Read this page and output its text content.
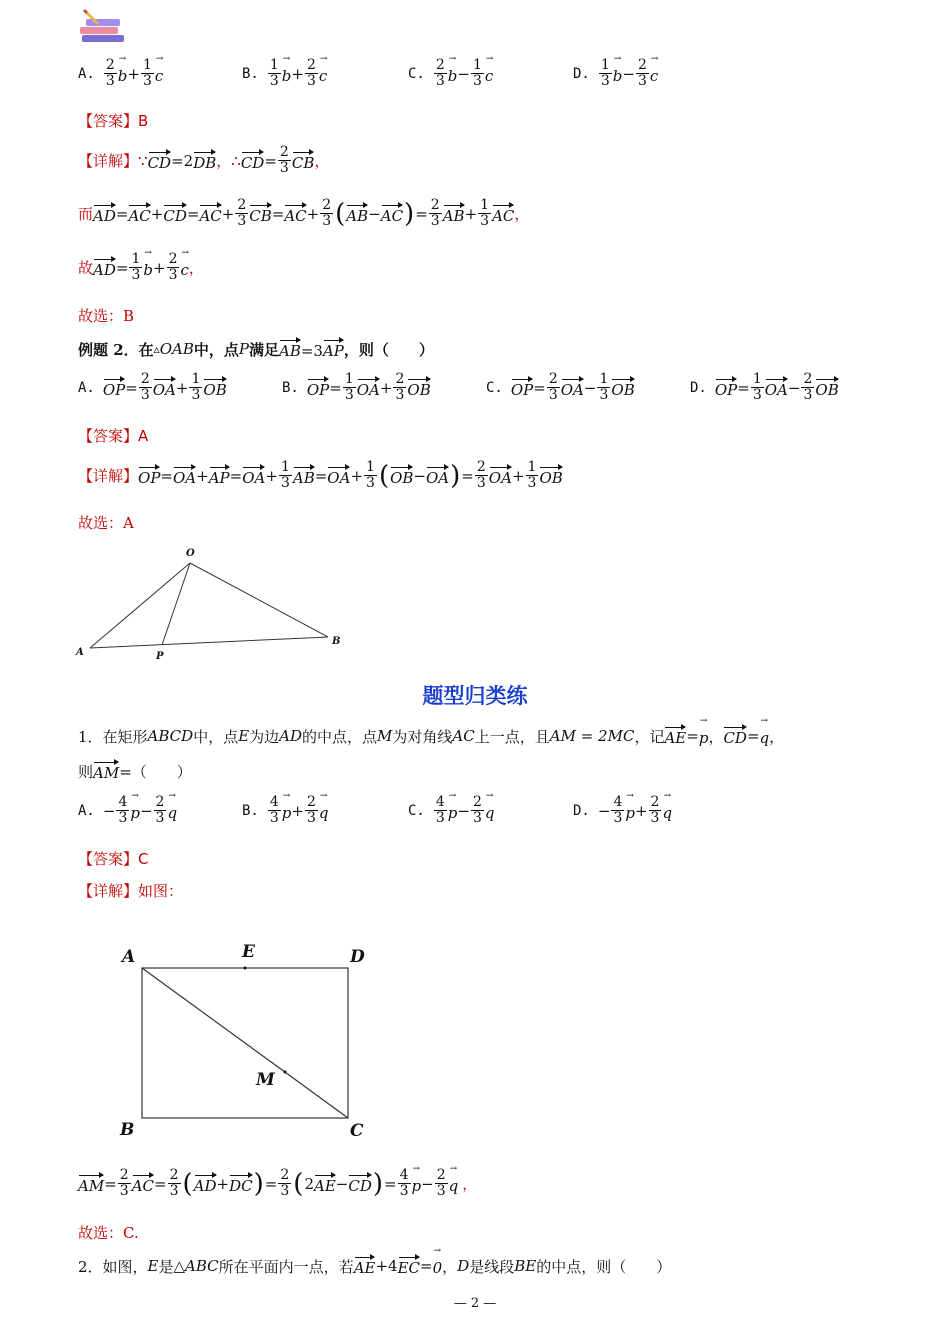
A. $\frac{2}{3}$ b → + $\frac{1}{3}$ c →	B. $\frac{1}{3}$ b → + $\frac{2}{3}$ c →	C. $\frac{2}{3}$ b → − $\frac{1}{3}$ c →	D. $\frac{1}{3}$ b → − $\frac{2}{3}$ c →
【答案】 B
【详解】 ∵ CD =2 DB ， ∴ CD = $\frac{2}{3}$ CB ，
而 AD = AC + CD = AC + $\frac{2}{3}$ CB = AC + $\frac{2}{3}$ ( AB − AC ) = $\frac{2}{3}$ AB + $\frac{1}{3}$ AC ，
故 AD = $\frac{1}{3}$ b → + $\frac{2}{3}$ c → ，
故选：B
例题 2．在 ▵ OAB 中，点 P 满足 AB=3AP ，则（　　）
A. OP = $\frac{2}{3}$ OA + $\frac{1}{3}$ OB	B. OP = $\frac{1}{3}$ OA + $\frac{2}{3}$ OB	C. OP = $\frac{2}{3}$ OA − $\frac{1}{3}$ OB	D. OP = $\frac{1}{3}$ OA − $\frac{2}{3}$ OB
【答案】 A
【详解】 OP = OA + AP = OA + $\frac{1}{3}$ AB = OA + $\frac{1}{3}$ ( OB − OA ) = $\frac{2}{3}$ OA + $\frac{1}{3}$ OB
故选：A
O
A	P
B
题型归类练
1．在矩形 ABCD 中，点 E 为边 AD 的中点，点 M 为对角线 AC 上一点，且 AM = 2MC ，记 AE = p → ， CD = q → ，
则 AM =（　　）
A. − $\frac{4}{3}$ p → − $\frac{2}{3}$ q →	B. $\frac{4}{3}$ p → + $\frac{2}{3}$ q →	C. $\frac{4}{3}$ p → − $\frac{2}{3}$ q →	D. − $\frac{4}{3}$ p → + $\frac{2}{3}$ q →
【答案】 C
【详解】 如图：
A	E	D
M
B	C
AM = $\frac{2}{3}$ AC = $\frac{2}{3}$ ( AD + DC ) = $\frac{2}{3}$ ( 2 AE − CD ) = $\frac{4}{3}$ p → − $\frac{2}{3}$ q → ，
故选：C.
2．如图， E 是 △ABC 所在平面内一点，若 AE +4 EC = 0 → ， D 是线段 BE 的中点，则（　　）
— 2 —
